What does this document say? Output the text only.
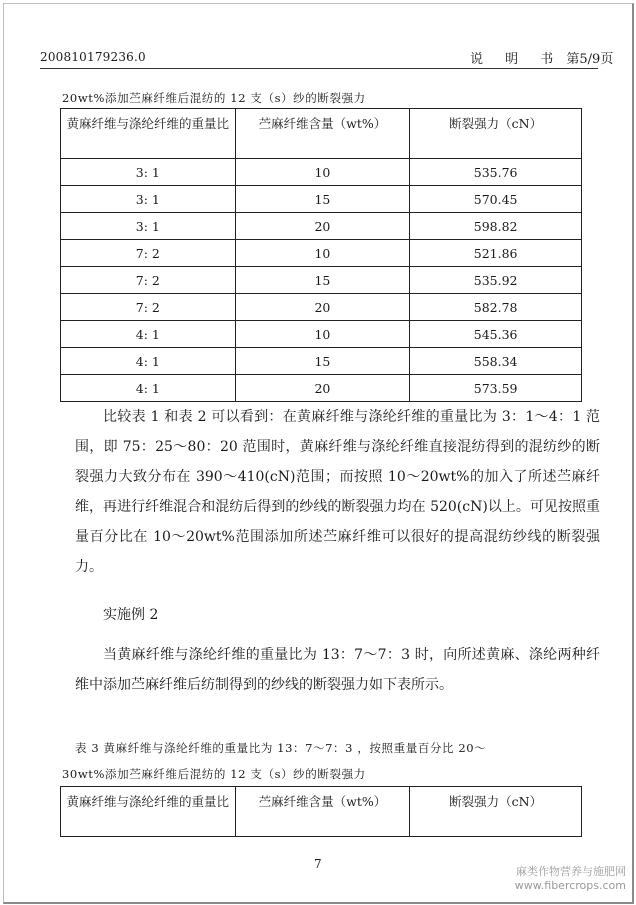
200810179236.0	说 明 书 第5/9页
20wt%添加苎麻纤维后混纺的 12 支（s）纱的断裂强力
黄麻纤维与涤纶纤维的重量比	苎麻纤维含量（wt%）	断裂强力（cN）
3: 1	10	535.76
3: 1	15	570.45
3: 1	20	598.82
7: 2	10	521.86
7: 2	15	535.92
7: 2	20	582.78
4: 1	10	545.36
4: 1	15	558.34
4: 1	20	573.59
比较表 1 和表 2 可以看到：在黄麻纤维与涤纶纤维的重量比为 3：1～4：1 范围，即 75：25～80：20 范围时，黄麻纤维与涤纶纤维直接混纺得到的混纺纱的断裂强力大致分布在 390～410(cN)范围；而按照 10～20wt%的加入了所述苎麻纤维，再进行纤维混合和混纺后得到的纱线的断裂强力均在 520(cN)以上。可见按照重量百分比在 10～20wt%范围添加所述苎麻纤维可以很好的提高混纺纱线的断裂强力。
实施例 2
当黄麻纤维与涤纶纤维的重量比为 13：7～7：3 时，向所述黄麻、涤纶两种纤维中添加苎麻纤维后纺制得到的纱线的断裂强力如下表所示。
表 3 黄麻纤维与涤纶纤维的重量比为 13：7～7：3 ，按照重量百分比 20～
30wt%添加苎麻纤维后混纺的 12 支（s）纱的断裂强力
黄麻纤维与涤纶纤维的重量比	苎麻纤维含量（wt%）	断裂强力（cN）
7
麻类作物营养与施肥网
www.fibercrops.com
